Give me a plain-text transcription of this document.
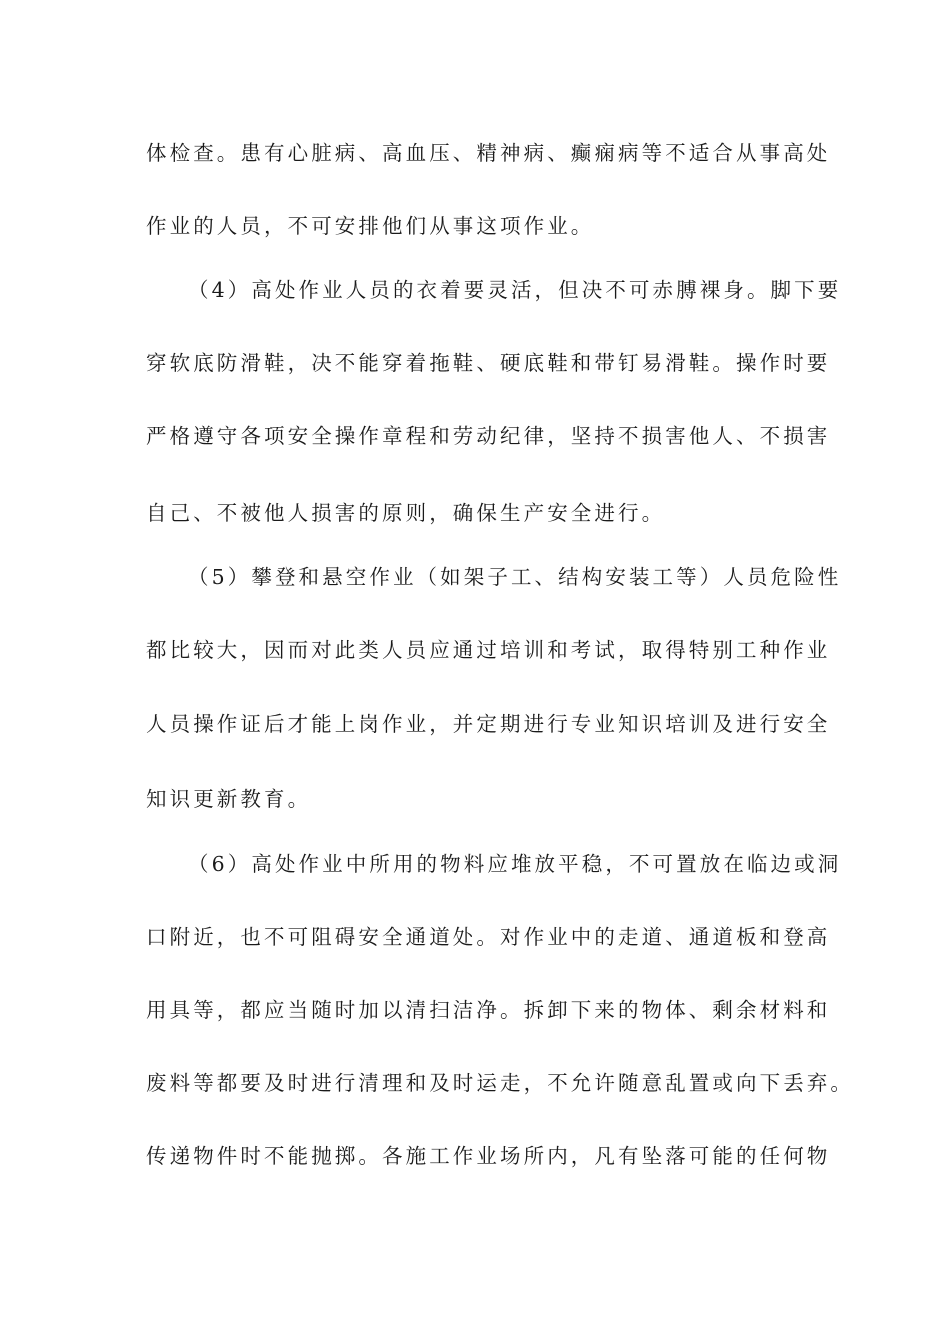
体检查。患有心脏病、高血压、精神病、癫痫病等不适合从事高处
作业的人员，不可安排他们从事这项作业。
（4）高处作业人员的衣着要灵活，但决不可赤膊裸身。脚下要
穿软底防滑鞋，决不能穿着拖鞋、硬底鞋和带钉易滑鞋。操作时要
严格遵守各项安全操作章程和劳动纪律，坚持不损害他人、不损害
自己、不被他人损害的原则，确保生产安全进行。
（5）攀登和悬空作业（如架子工、结构安装工等）人员危险性
都比较大，因而对此类人员应通过培训和考试，取得特别工种作业
人员操作证后才能上岗作业，并定期进行专业知识培训及进行安全
知识更新教育。
（6）高处作业中所用的物料应堆放平稳，不可置放在临边或洞
口附近，也不可阻碍安全通道处。对作业中的走道、通道板和登高
用具等，都应当随时加以清扫洁净。拆卸下来的物体、剩余材料和
废料等都要及时进行清理和及时运走，不允许随意乱置或向下丢弃。
传递物件时不能抛掷。各施工作业场所内，凡有坠落可能的任何物
